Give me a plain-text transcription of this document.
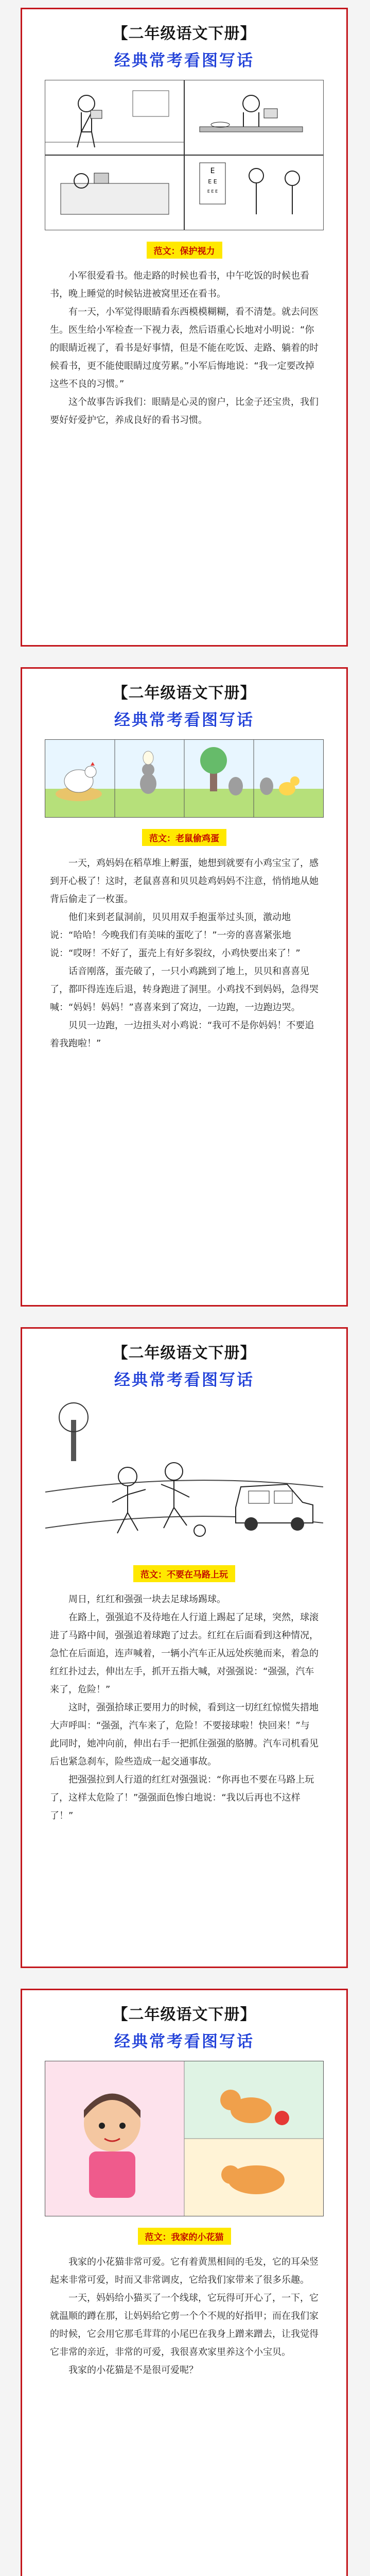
【二年级语文下册】
经典常考看图写话
E
E E
E E E
范文：保护视力

小军很爱看书。他走路的时候也看书，中午吃饭的时候也看书，晚上睡觉的时候钻进被窝里还在看书。

有一天，小军觉得眼睛看东西模模糊糊，看不清楚。就去问医生。医生给小军检查一下视力表，然后语重心长地对小明说：“你的眼睛近视了，看书是好事情，但是不能在吃饭、走路、躺着的时候看书，更不能使眼睛过度劳累。”小军后悔地说：“我一定要改掉这些不良的习惯。”

这个故事告诉我们：眼睛是心灵的窗户，比金子还宝贵，我们要好好爱护它，养成良好的看书习惯。

【二年级语文下册】
经典常考看图写话
范文：老鼠偷鸡蛋

一天，鸡妈妈在稻草堆上孵蛋，她想到就要有小鸡宝宝了，感到开心极了！这时，老鼠喜喜和贝贝趁鸡妈妈不注意，悄悄地从她背后偷走了一枚蛋。

他们来到老鼠洞前，贝贝用双手抱蛋举过头顶，激动地说：“哈哈！今晚我们有美味的蛋吃了！”一旁的喜喜紧张地说：“哎呀！不好了，蛋壳上有好多裂纹，小鸡快要出来了！”

话音刚落，蛋壳破了，一只小鸡跳到了地上，贝贝和喜喜见了，都吓得连连后退，转身跑进了洞里。小鸡找不到妈妈，急得哭喊：“妈妈！妈妈！”喜喜来到了窝边，一边跑，一边跑边哭。

贝贝一边跑，一边扭头对小鸡说：“我可不是你妈妈！不要追着我跑啦！”

【二年级语文下册】
经典常考看图写话
范文：不要在马路上玩

周日，红红和强强一块去足球场踢球。

在路上，强强追不及待地在人行道上踢起了足球，突然，球滚进了马路中间，强强追着球跑了过去。红红在后面看到这种情况，急忙在后面追，连声喊着，一辆小汽车正从远处疾驰而来，着急的红红扑过去，伸出左手，抓开五指大喊，对强强说：“强强，汽车来了，危险！”

这时，强强拾球正要用力的时候，看到这一切红红惊慌失措地大声呼叫：“强强，汽车来了，危险！不要接球啦！快回来！”与此同时，她冲向前，伸出右手一把抓住强强的胳膊。汽车司机看见后也紧急刹车，险些造成一起交通事故。

把强强拉到人行道的红红对强强说：“你再也不要在马路上玩了，这样太危险了！”强强面色惨白地说：“我以后再也不这样了！”

【二年级语文下册】
经典常考看图写话
范文：我家的小花猫

我家的小花猫非常可爱。它有着黄黑相间的毛发，它的耳朵竖起来非常可爱，时而又非常调皮，它给我们家带来了很多乐趣。

一天，妈妈给小猫买了一个线球，它玩得可开心了，一下，它就温顺的蹲在那，让妈妈给它剪一个个不规的好指甲；而在我们家的时候，它会用它那毛茸茸的小尾巴在我身上蹭来蹭去，让我觉得它非常的亲近，非常的可爱，我很喜欢家里养这个小宝贝。

我家的小花猫是不是很可爱呢？
